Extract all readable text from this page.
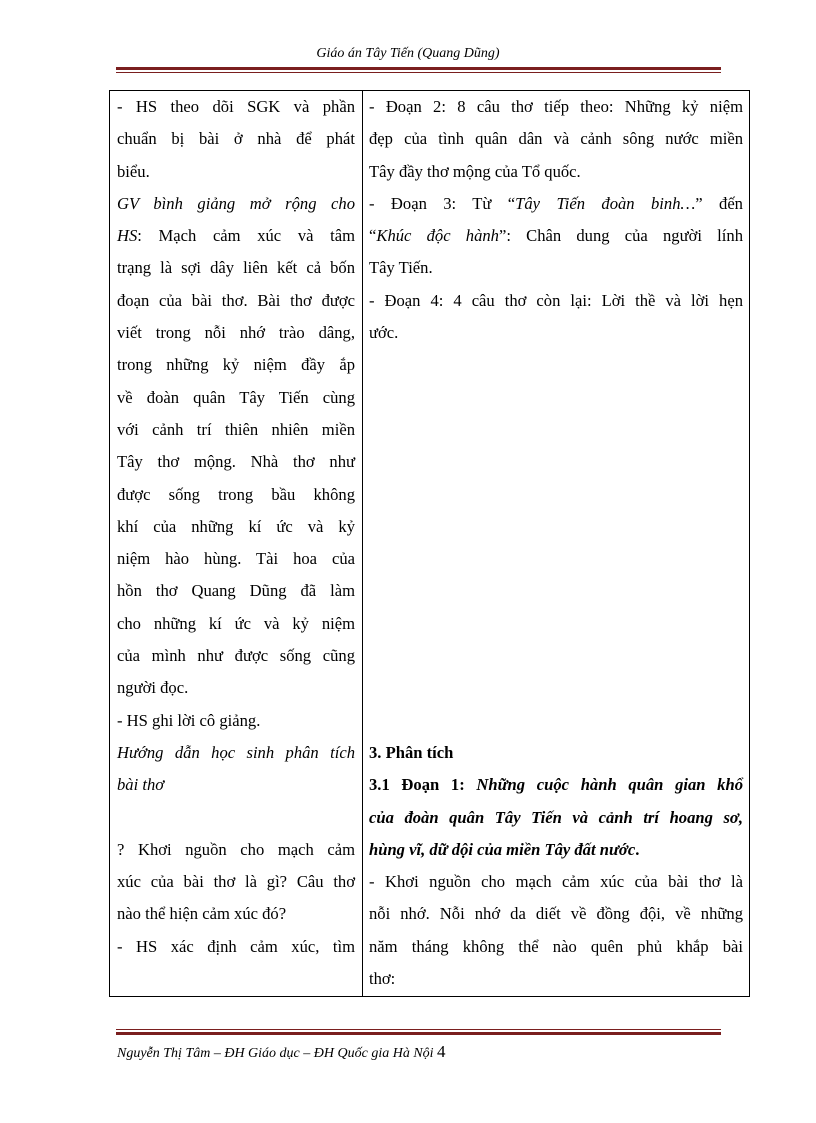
Giáo án Tây Tiến (Quang Dũng)
- HS theo dõi SGK và phần
chuẩn bị bài ở nhà để phát
biểu.
GV bình giảng mở rộng cho
HS: Mạch cảm xúc và tâm
trạng là sợi dây liên kết cả bốn
đoạn của bài thơ. Bài thơ được
viết trong nỗi nhớ trào dâng,
trong những kỷ niệm đầy ắp
về đoàn quân Tây Tiến cùng
với cảnh trí thiên nhiên miền
Tây thơ mộng. Nhà thơ như
được sống trong bầu không
khí của những kí ức và kỷ
niệm hào hùng. Tài hoa của
hồn thơ Quang Dũng đã làm
cho những kí ức và kỷ niệm
của mình như được sống cũng
người đọc.
- HS ghi lời cô giảng.
Hướng dẫn học sinh phân tích
bài thơ
? Khơi nguồn cho mạch cảm
xúc của bài thơ là gì? Câu thơ
nào thể hiện cảm xúc đó?
- HS xác định cảm xúc, tìm
- Đoạn 2: 8 câu thơ tiếp theo: Những kỷ niệm
đẹp của tình quân dân và cảnh sông nước miền
Tây đầy thơ mộng của Tổ quốc.
- Đoạn 3: Từ “Tây Tiến đoàn binh…” đến
“Khúc độc hành”: Chân dung của người lính
Tây Tiến.
- Đoạn 4: 4 câu thơ còn lại: Lời thề và lời hẹn
ước.
3. Phân tích
3.1 Đoạn 1: Những cuộc hành quân gian khổ
của đoàn quân Tây Tiến và cảnh trí hoang sơ,
hùng vĩ, dữ dội của miền Tây đất nước.
- Khơi nguồn cho mạch cảm xúc của bài thơ là
nỗi nhớ. Nỗi nhớ da diết về đồng đội, về những
năm tháng không thể nào quên phủ khắp bài
thơ:
Nguyễn Thị Tâm – ĐH Giáo dục – ĐH Quốc gia Hà Nội 4
